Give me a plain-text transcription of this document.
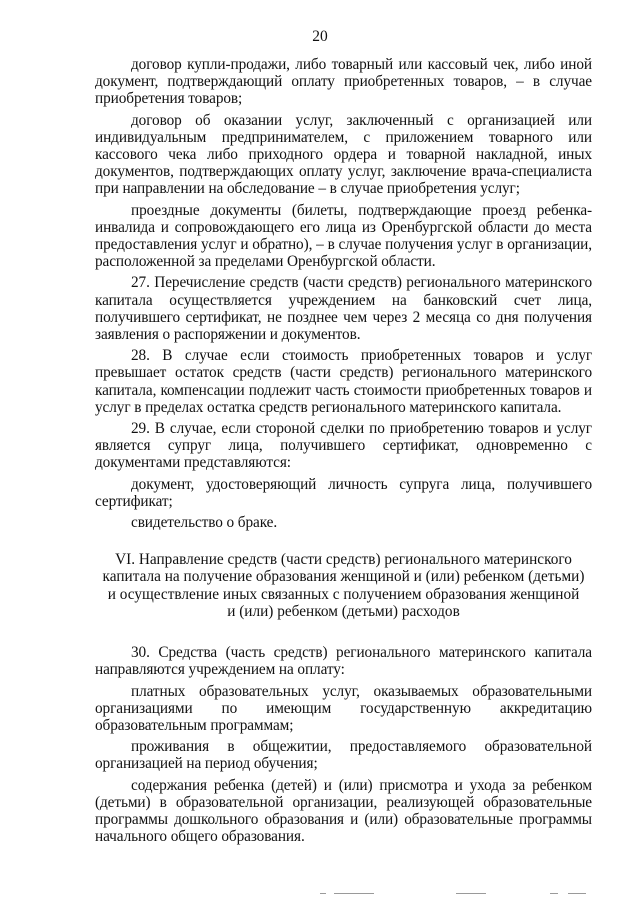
20

договор купли-продажи, либо товарный или кассовый чек, либо иной документ, подтверждающий оплату приобретенных товаров, – в случае приобретения товаров;

договор об оказании услуг, заключенный с организацией или индивидуальным предпринимателем, с приложением товарного или кассового чека либо приходного ордера и товарной накладной, иных документов, подтверждающих оплату услуг, заключение врача-специалиста при направлении на обследование – в случае приобретения услуг;

проездные документы (билеты, подтверждающие проезд ребенка-инвалида и сопровождающего его лица из Оренбургской области до места предоставления услуг и обратно), – в случае получения услуг в организации, расположенной за пределами Оренбургской области.

27. Перечисление средств (части средств) регионального материнского капитала осуществляется учреждением на банковский счет лица, получившего сертификат, не позднее чем через 2 месяца со дня получения заявления о распоряжении и документов.

28. В случае если стоимость приобретенных товаров и услуг превышает остаток средств (части средств) регионального материнского капитала, компенсации подлежит часть стоимости приобретенных товаров и услуг в пределах остатка средств регионального материнского капитала.

29. В случае, если стороной сделки по приобретению товаров и услуг является супруг лица, получившего сертификат, одновременно с документами представляются:

документ, удостоверяющий личность супруга лица, получившего сертификат;

свидетельство о браке.

VI. Направление средств (части средств) регионального материнского
капитала на получение образования женщиной и (или) ребенком (детьми)
и осуществление иных связанных с получением образования женщиной
и (или) ребенком (детьми) расходов

30. Средства (часть средств) регионального материнского капитала направляются учреждением на оплату:

платных образовательных услуг, оказываемых образовательными организациями по имеющим государственную аккредитацию образовательным программам;

проживания в общежитии, предоставляемого образовательной организацией на период обучения;

содержания ребенка (детей) и (или) присмотра и ухода за ребенком (детьми) в образовательной организации, реализующей образовательные программы дошкольного образования и (или) образовательные программы начального общего образования.
